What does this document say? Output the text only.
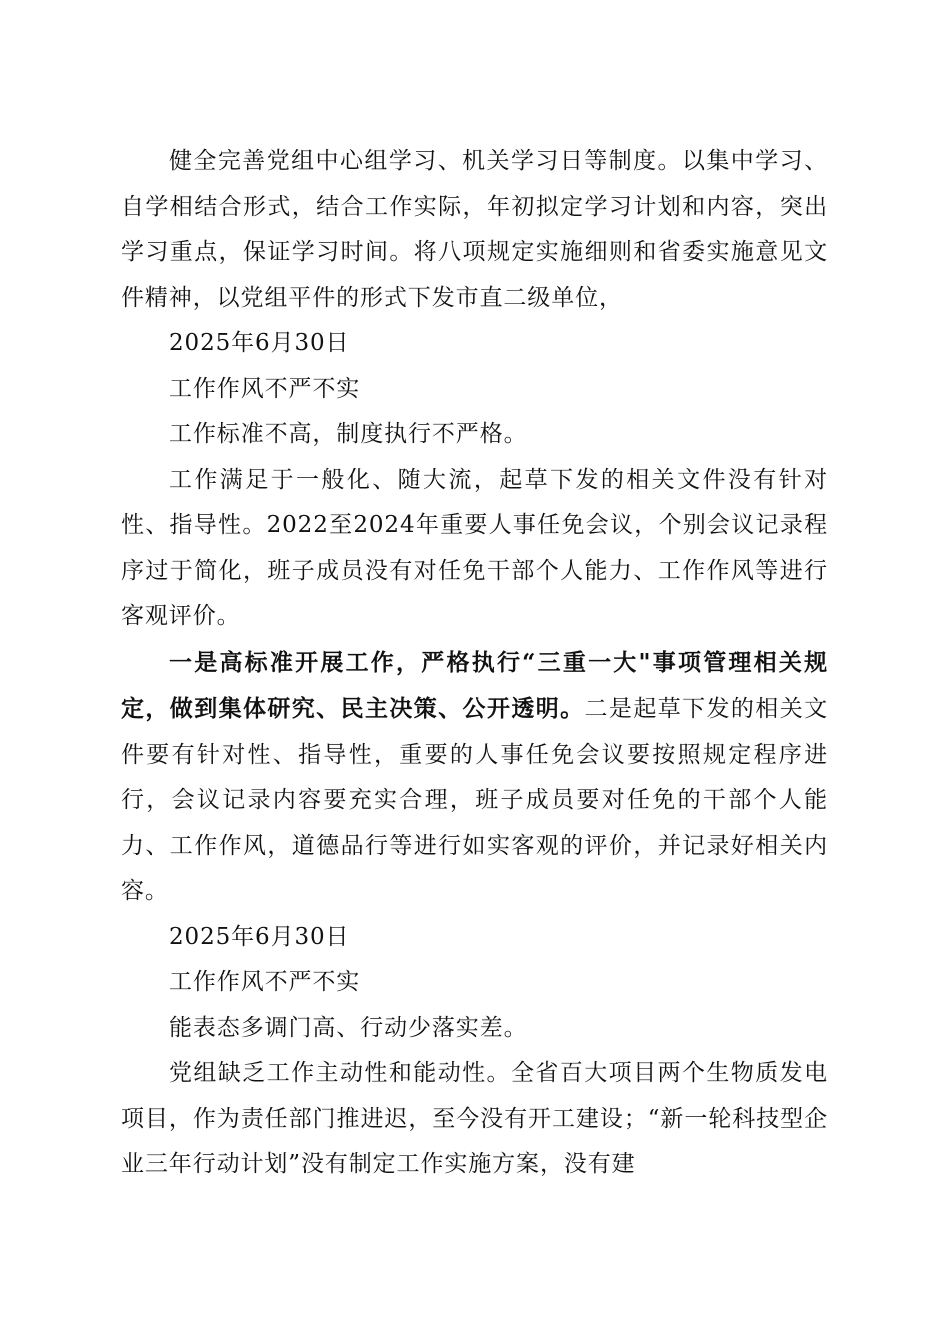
健全完善党组中心组学习、机关学习日等制度。以集中学习、自学相结合形式，结合工作实际，年初拟定学习计划和内容，突出学习重点，保证学习时间。将八项规定实施细则和省委实施意见文件精神，以党组平件的形式下发市直二级单位，

2025年6月30日

工作作风不严不实

工作标准不高，制度执行不严格。

工作满足于一般化、随大流，起草下发的相关文件没有针对性、指导性。2022至2024年重要人事任免会议，个别会议记录程序过于简化，班子成员没有对任免干部个人能力、工作作风等进行客观评价。

一是高标准开展工作，严格执行“三重一大"事项管理相关规定，做到集体研究、民主决策、公开透明。二是起草下发的相关文件要有针对性、指导性，重要的人事任免会议要按照规定程序进行，会议记录内容要充实合理，班子成员要对任免的干部个人能力、工作作风，道德品行等进行如实客观的评价，并记录好相关内容。

2025年6月30日

工作作风不严不实

能表态多调门高、行动少落实差。

党组缺乏工作主动性和能动性。全省百大项目两个生物质发电项目，作为责任部门推进迟，至今没有开工建设；“新一轮科技型企业三年行动计划”没有制定工作实施方案，没有建
